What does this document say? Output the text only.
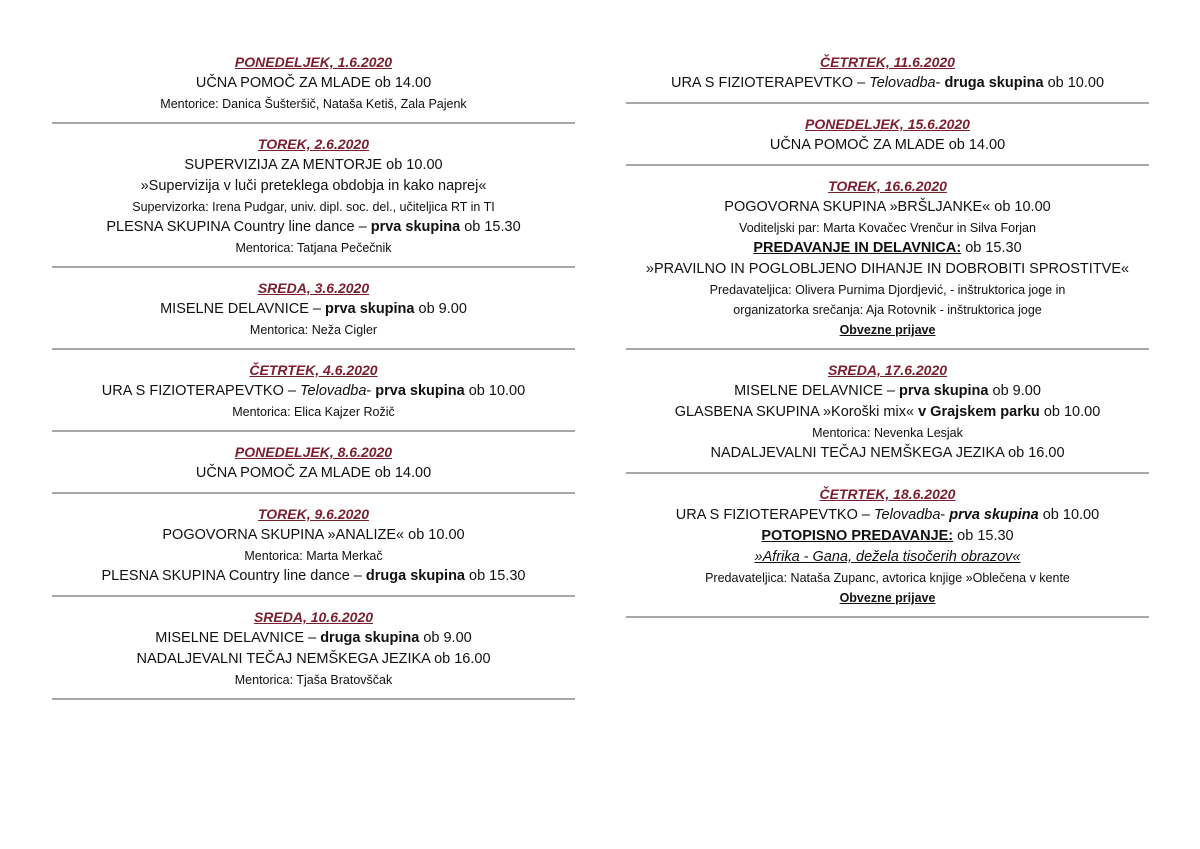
PONEDELJEK, 1.6.2020
UČNA POMOČ ZA MLADE ob 14.00
Mentorice: Danica Šušteršič, Nataša Ketiš, Zala Pajenk
TOREK, 2.6.2020
SUPERVIZIJA ZA MENTORJE ob 10.00
»Supervizija v luči preteklega obdobja in kako naprej«
Supervizorka: Irena Pudgar, univ. dipl. soc. del., učiteljica RT in TI
PLESNA SKUPINA Country line dance – prva skupina ob 15.30
Mentorica: Tatjana Pečečnik
SREDA, 3.6.2020
MISELNE DELAVNICE – prva skupina ob 9.00
Mentorica: Neža Cigler
ČETRTEK, 4.6.2020
URA S FIZIOTERAPEVTKO – Telovadba- prva skupina ob 10.00
Mentorica: Elica Kajzer Rožič
PONEDELJEK, 8.6.2020
UČNA POMOČ ZA MLADE ob 14.00
TOREK, 9.6.2020
POGOVORNA SKUPINA »ANALIZE« ob 10.00
Mentorica: Marta Merkač
PLESNA SKUPINA Country line dance – druga skupina ob 15.30
SREDA, 10.6.2020
MISELNE DELAVNICE – druga skupina ob 9.00
NADALJEVALNI TEČAJ NEMŠKEGA JEZIKA ob 16.00
Mentorica: Tjaša Bratovščak
ČETRTEK, 11.6.2020
URA S FIZIOTERAPEVTKO – Telovadba- druga skupina ob 10.00
PONEDELJEK, 15.6.2020
UČNA POMOČ ZA MLADE ob 14.00
TOREK, 16.6.2020
POGOVORNA SKUPINA »BRŠLJANKE« ob 10.00
Voditeljski par: Marta Kovačec Vrenčur in Silva Forjan
PREDAVANJE IN DELAVNICA: ob 15.30
»PRAVILNO IN POGLOBLJENO DIHANJE IN DOBROBITI SPROSTITVE«
Predavateljica: Olivera Purnima Djordjević, - inštruktorica joge in
organizatorka srečanja: Aja Rotovnik - inštruktorica joge
Obvezne prijave
SREDA, 17.6.2020
MISELNE DELAVNICE – prva skupina ob 9.00
GLASBENA SKUPINA »Koroški mix« v Grajskem parku ob 10.00
Mentorica: Nevenka Lesjak
NADALJEVALNI TEČAJ NEMŠKEGA JEZIKA ob 16.00
ČETRTEK, 18.6.2020
URA S FIZIOTERAPEVTKO – Telovadba- prva skupina ob 10.00
POTOPISNO PREDAVANJE: ob 15.30
»Afrika - Gana, dežela tisočerih obrazov«
Predavateljica: Nataša Zupanc, avtorica knjige »Oblečena v kente
Obvezne prijave
